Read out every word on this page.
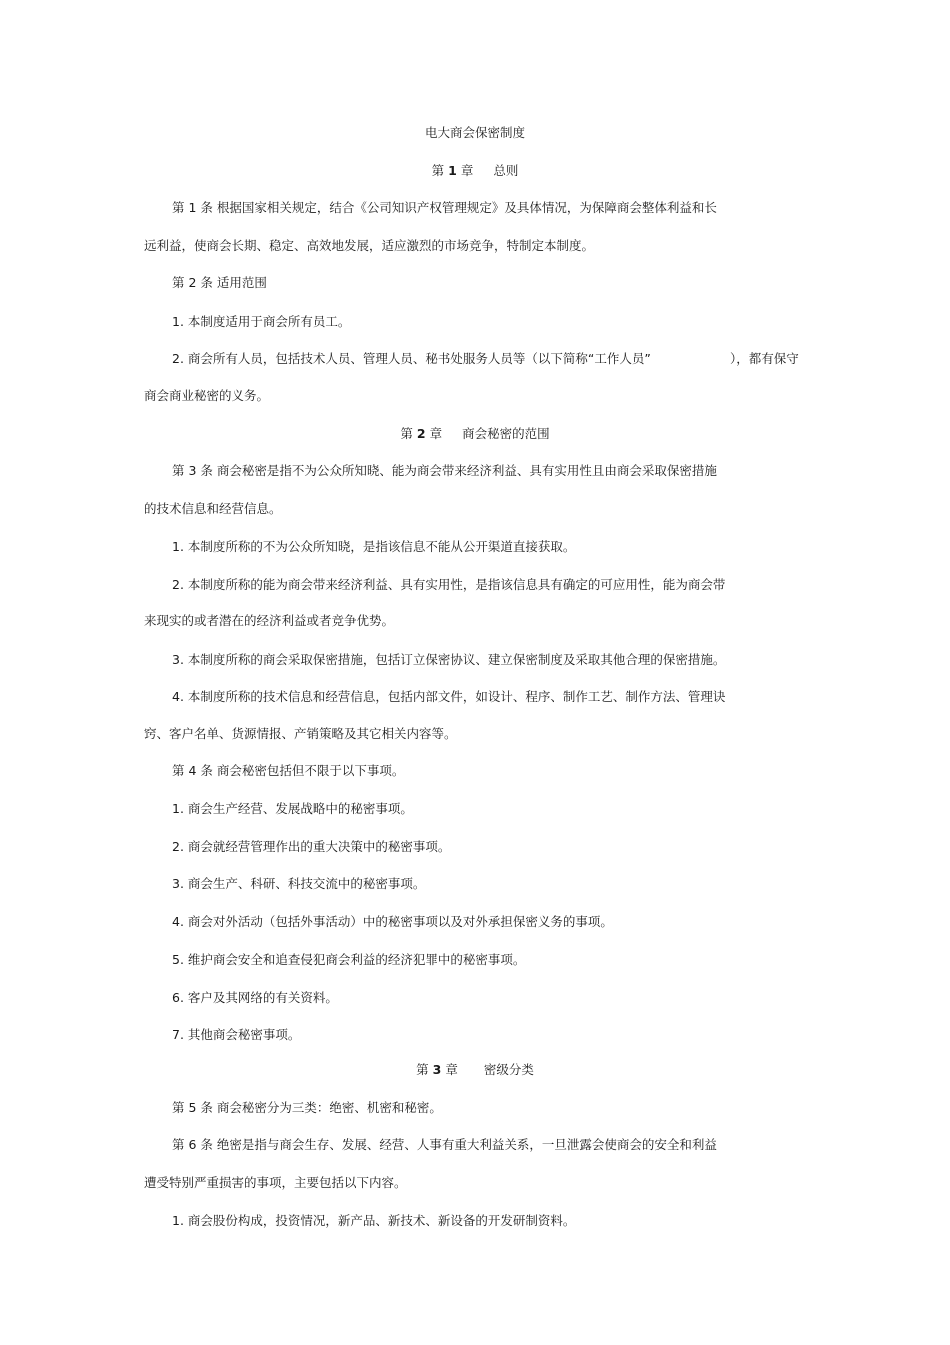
电大商会保密制度
第 1 章 总则
第 1 条 根据国家相关规定，结合《公司知识产权管理规定》及具体情况，为保障商会整体利益和长
远利益，使商会长期、稳定、高效地发展，适应激烈的市场竞争，特制定本制度。
第 2 条 适用范围
1. 本制度适用于商会所有员工。
2. 商会所有人员，包括技术人员、管理人员、秘书处服务人员等（以下简称“工作人员”	），都有保守
商会商业秘密的义务。
第 2 章 商会秘密的范围
第 3 条 商会秘密是指不为公众所知晓、能为商会带来经济利益、具有实用性且由商会采取保密措施
的技术信息和经营信息。
1. 本制度所称的不为公众所知晓，是指该信息不能从公开渠道直接获取。
2. 本制度所称的能为商会带来经济利益、具有实用性，是指该信息具有确定的可应用性，能为商会带
来现实的或者潜在的经济利益或者竞争优势。
3. 本制度所称的商会采取保密措施，包括订立保密协议、建立保密制度及采取其他合理的保密措施。
4. 本制度所称的技术信息和经营信息，包括内部文件，如设计、程序、制作工艺、制作方法、管理诀
窍、客户名单、货源情报、产销策略及其它相关内容等。
第 4 条 商会秘密包括但不限于以下事项。
1. 商会生产经营、发展战略中的秘密事项。
2. 商会就经营管理作出的重大决策中的秘密事项。
3. 商会生产、科研、科技交流中的秘密事项。
4. 商会对外活动（包括外事活动）中的秘密事项以及对外承担保密义务的事项。
5. 维护商会安全和追查侵犯商会利益的经济犯罪中的秘密事项。
6. 客户及其网络的有关资料。
7. 其他商会秘密事项。
第 3 章 密级分类
第 5 条 商会秘密分为三类：绝密、机密和秘密。
第 6 条 绝密是指与商会生存、发展、经营、人事有重大利益关系，一旦泄露会使商会的安全和利益
遭受特别严重损害的事项，主要包括以下内容。
1. 商会股份构成，投资情况，新产品、新技术、新设备的开发研制资料。
